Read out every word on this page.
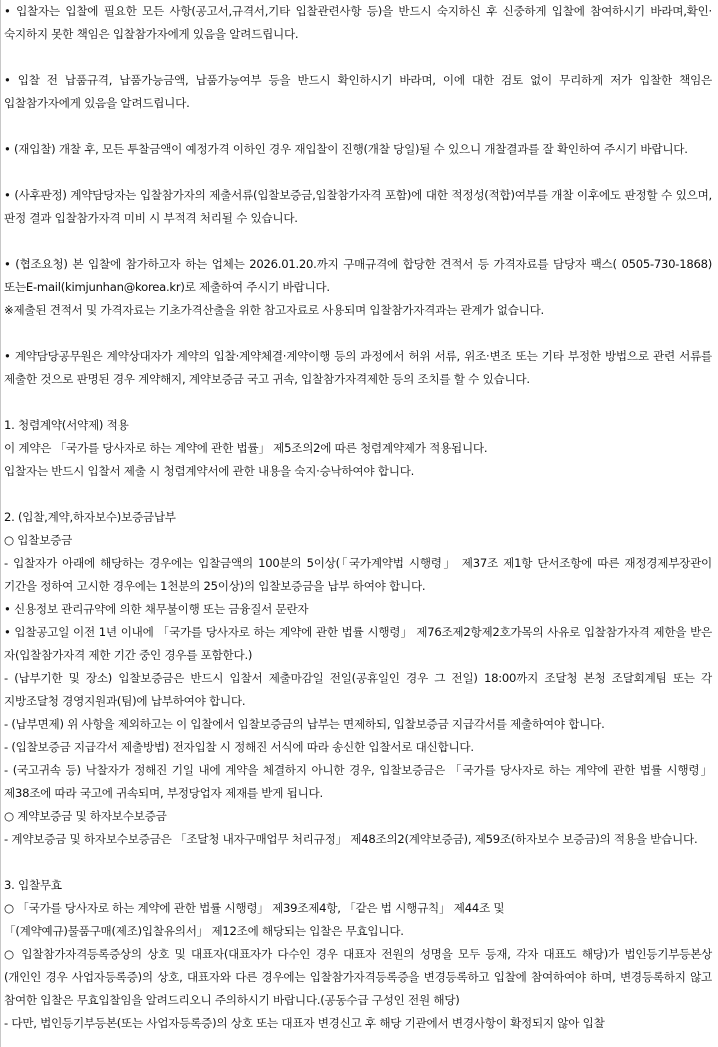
• 입찰자는 입찰에 필요한 모든 사항(공고서,규격서,기타 입찰관련사항 등)을 반드시 숙지하신 후 신중하게 입찰에 참여하시기 바라며,확인·숙지하지 못한 책임은 입찰참가자에게 있음을 알려드립니다.
• 입찰 전 납품규격, 납품가능금액, 납품가능여부 등을 반드시 확인하시기 바라며, 이에 대한 검토 없이 무리하게 저가 입찰한 책임은 입찰참가자에게 있음을 알려드립니다.
• (재입찰) 개찰 후, 모든 투찰금액이 예정가격 이하인 경우 재입찰이 진행(개찰 당일)될 수 있으니 개찰결과를 잘 확인하여 주시기 바랍니다.
• (사후판정) 계약담당자는 입찰참가자의 제출서류(입찰보증금,입찰참가자격 포함)에 대한 적정성(적합)여부를 개찰 이후에도 판정할 수 있으며, 판정 결과 입찰참가자격 미비 시 부적격 처리될 수 있습니다.
• (협조요청) 본 입찰에 참가하고자 하는 업체는 2026.01.20.까지 구매규격에 합당한 견적서 등 가격자료를 담당자 팩스( 0505-730-1868)또는E-mail(kimjunhan@korea.kr)로 제출하여 주시기 바랍니다.
※제출된 견적서 및 가격자료는 기초가격산출을 위한 참고자료로 사용되며 입찰참가자격과는 관계가 없습니다.
• 계약담당공무원은 계약상대자가 계약의 입찰·계약체결·계약이행 등의 과정에서 허위 서류, 위조·변조 또는 기타 부정한 방법으로 관련 서류를 제출한 것으로 판명된 경우 계약해지, 계약보증금 국고 귀속, 입찰참가자격제한 등의 조치를 할 수 있습니다.
1. 청렴계약(서약제) 적용
이 계약은 「국가를 당사자로 하는 계약에 관한 법률」 제5조의2에 따른 청렴계약제가 적용됩니다.
입찰자는 반드시 입찰서 제출 시 청렴계약서에 관한 내용을 숙지·승낙하여야 합니다.
2. (입찰,계약,하자보수)보증금납부
○ 입찰보증금
- 입찰자가 아래에 해당하는 경우에는 입찰금액의 100분의 5이상(「국가계약법 시행령」 제37조 제1항 단서조항에 따른 재정경제부장관이 기간을 정하여 고시한 경우에는 1천분의 25이상)의 입찰보증금을 납부 하여야 합니다.
• 신용정보 관리규약에 의한 채무불이행 또는 금융질서 문란자
• 입찰공고일 이전 1년 이내에 「국가를 당사자로 하는 계약에 관한 법률 시행령」 제76조제2항제2호가목의 사유로 입찰참가자격 제한을 받은 자(입찰참가자격 제한 기간 중인 경우를 포함한다.)
- (납부기한 및 장소) 입찰보증금은 반드시 입찰서 제출마감일 전일(공휴일인 경우 그 전일) 18:00까지 조달청 본청 조달회계팀 또는 각 지방조달청 경영지원과(팀)에 납부하여야 합니다.
- (납부면제) 위 사항을 제외하고는 이 입찰에서 입찰보증금의 납부는 면제하되, 입찰보증금 지급각서를 제출하여야 합니다.
- (입찰보증금 지급각서 제출방법) 전자입찰 시 정해진 서식에 따라 송신한 입찰서로 대신합니다.
- (국고귀속 등) 낙찰자가 정해진 기일 내에 계약을 체결하지 아니한 경우, 입찰보증금은 「국가를 당사자로 하는 계약에 관한 법률 시행령」 제38조에 따라 국고에 귀속되며, 부정당업자 제재를 받게 됩니다.
○ 계약보증금 및 하자보수보증금
- 계약보증금 및 하자보수보증금은 「조달청 내자구매업무 처리규정」 제48조의2(계약보증금), 제59조(하자보수 보증금)의 적용을 받습니다.
3. 입찰무효
○ 「국가를 당사자로 하는 계약에 관한 법률 시행령」 제39조제4항, 「같은 법 시행규칙」 제44조 및
「(계약예규)물품구매(제조)입찰유의서」 제12조에 해당되는 입찰은 무효입니다.
○ 입찰참가자격등록증상의 상호 및 대표자(대표자가 다수인 경우 대표자 전원의 성명을 모두 등재, 각자 대표도 해당)가 법인등기부등본상(개인인 경우 사업자등록증)의 상호, 대표자와 다른 경우에는 입찰참가자격등록증을 변경등록하고 입찰에 참여하여야 하며, 변경등록하지 않고 참여한 입찰은 무효입찰임을 알려드리오니 주의하시기 바랍니다.(공동수급 구성인 전원 해당)
- 다만, 법인등기부등본(또는 사업자등록증)의 상호 또는 대표자 변경신고 후 해당 기관에서 변경사항이 확정되지 않아 입찰
